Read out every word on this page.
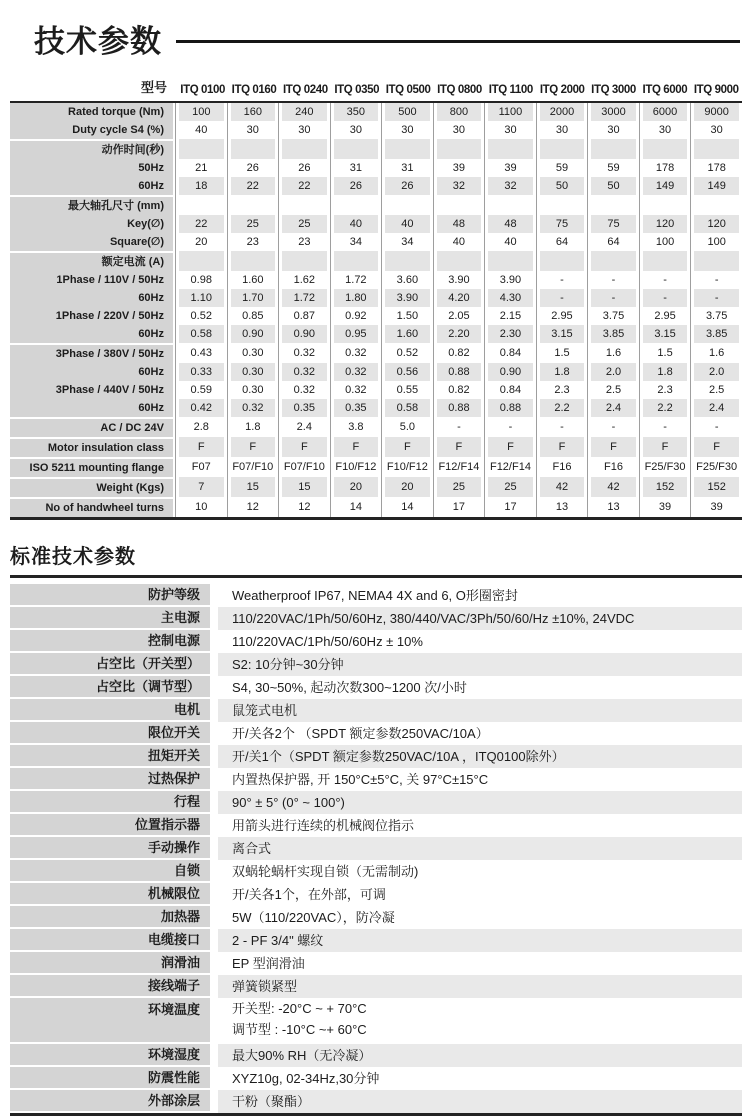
技术参数
型号	ITQ 0100 ITQ 0160 ITQ 0240 ITQ 0350 ITQ 0500 ITQ 0800 ITQ 1100 ITQ 2000 ITQ 3000 ITQ 6000 ITQ 9000
Rated torque (Nm)	100	160	240	350	500	800	1100	2000	3000	6000	9000
Duty cycle S4 (%)	40	30	30	30	30	30	30	30	30	30	30
动作时间(秒)											
50Hz	21	26	26	31	31	39	39	59	59	178	178
60Hz	18	22	22	26	26	32	32	50	50	149	149
最大轴孔尺寸 (mm)											
Key(∅)	22	25	25	40	40	48	48	75	75	120	120
Square(∅)	20	23	23	34	34	40	40	64	64	100	100
额定电流 (A)											
1Phase / 110V / 50Hz	0.98	1.60	1.62	1.72	3.60	3.90	3.90	-	-	-	-
60Hz	1.10	1.70	1.72	1.80	3.90	4.20	4.30	-	-	-	-
1Phase / 220V / 50Hz	0.52	0.85	0.87	0.92	1.50	2.05	2.15	2.95	3.75	2.95	3.75
60Hz	0.58	0.90	0.90	0.95	1.60	2.20	2.30	3.15	3.85	3.15	3.85
3Phase / 380V / 50Hz	0.43	0.30	0.32	0.32	0.52	0.82	0.84	1.5	1.6	1.5	1.6
60Hz	0.33	0.30	0.32	0.32	0.56	0.88	0.90	1.8	2.0	1.8	2.0
3Phase / 440V / 50Hz	0.59	0.30	0.32	0.32	0.55	0.82	0.84	2.3	2.5	2.3	2.5
60Hz	0.42	0.32	0.35	0.35	0.58	0.88	0.88	2.2	2.4	2.2	2.4
AC / DC 24V	2.8	1.8	2.4	3.8	5.0	-	-	-	-	-	-
Motor insulation class	F	F	F	F	F	F	F	F	F	F	F
ISO 5211 mounting flange	F07	F07/F10	F07/F10	F10/F12	F10/F12	F12/F14	F12/F14	F16	F16	F25/F30	F25/F30
Weight (Kgs)	7	15	15	20	20	25	25	42	42	152	152
No of handwheel turns	10	12	12	14	14	17	17	13	13	39	39
标准技术参数
防护等级	Weatherproof IP67, NEMA4 4X and 6, O形圈密封
主电源	110/220VAC/1Ph/50/60Hz, 380/440/VAC/3Ph/50/60/Hz ±10%, 24VDC
控制电源	110/220VAC/1Ph/50/60Hz ± 10%
占空比（开关型）	S2: 10分钟~30分钟
占空比（调节型）	S4, 30~50%, 起动次数300~1200 次/小时
电机	鼠笼式电机
限位开关	开/关各2个 （SPDT 额定参数250VAC/10A）
扭矩开关	开/关1个（SPDT 额定参数250VAC/10A ，ITQ0100除外）
过热保护	内置热保护器, 开 150°C±5°C, 关 97°C±15°C
行程	90° ± 5° (0° ~ 100°)
位置指示器	用箭头进行连续的机械阀位指示
手动操作	离合式
自锁	双蜗轮蜗杆实现自锁（无需制动)
机械限位	开/关各1个，在外部，可调
加热器	5W（110/220VAC），防冷凝
电缆接口	2 - PF 3/4" 螺纹
润滑油	EP 型润滑油
接线端子	弹簧锁紧型
环境温度	开关型: -20°C ~ + 70°C
调节型 : -10°C ~+ 60°C

环境湿度	最大90% RH（无冷凝）
防震性能	XYZ10g, 02-34Hz,30分钟
外部涂层	干粉（聚酯）
